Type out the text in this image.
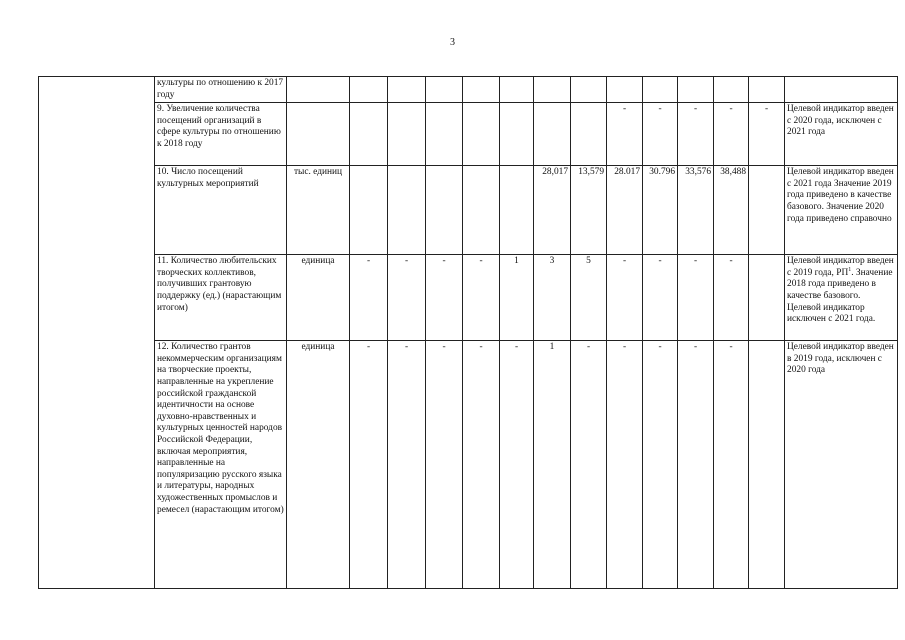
3
	культуры по отношению к 2017 году														
	9. Увеличение количества посещений организаций в сфере культуры по отношению к 2018 году									-	-	-	-	-	Целевой индикатор введен с 2020 года, исключен с 2021 года
	10. Число посещений культурных мероприятий	тыс. единиц						28,017	13,579	28.017	30.796	33,576	38,488		Целевой индикатор введен с 2021 года Значение 2019 года приведено в качестве базового. Значение 2020 года приведено справочно
	11. Количество любительских творческих коллективов, получивших грантовую поддержку (ед.) (нарастающим итогом)	единица	-	-	-	-	1	3	5	-	-	-	-		Целевой индикатор введен с 2019 года, $РП^1$. Значение 2018 года приведено в качестве базового. Целевой индикатор исключен с 2021 года.
	12. Количество грантов некоммерческим организациям на творческие проекты, направленные на укрепление российской гражданской идентичности на основе духовно-нравственных и культурных ценностей народов Российской Федерации, включая мероприятия, направленные на популяризацию русского языка и литературы, народных художественных промыслов и ремесел (нарастающим итогом)	единица	-	-	-	-	-	1	-	-	-	-	-		Целевой индикатор введен в 2019 года, исключен с 2020 года
